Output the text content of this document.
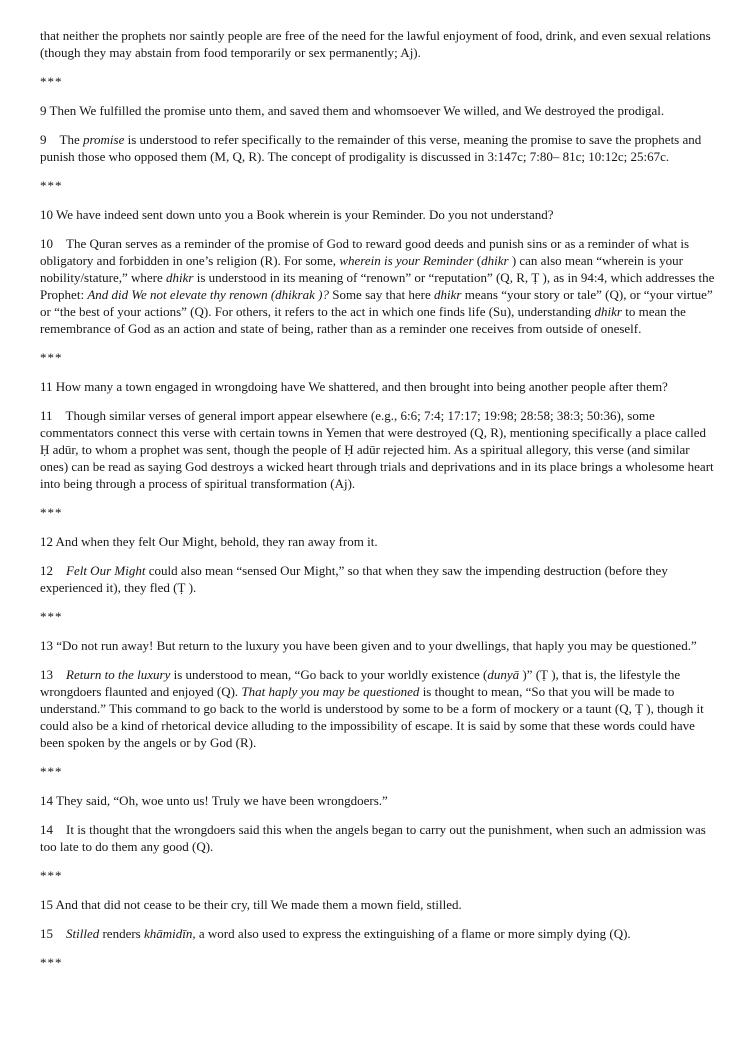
that neither the prophets nor saintly people are free of the need for the lawful enjoyment of food, drink, and even sexual relations (though they may abstain from food temporarily or sex permanently; Aj).

***

9 Then We fulfilled the promise unto them, and saved them and whomsoever We willed, and We destroyed the prodigal.

9 The promise is understood to refer specifically to the remainder of this verse, meaning the promise to save the prophets and punish those who opposed them (M, Q, R). The concept of prodigality is discussed in 3:147c; 7:80– 81c; 10:12c; 25:67c.

***

10 We have indeed sent down unto you a Book wherein is your Reminder. Do you not understand?

10 The Quran serves as a reminder of the promise of God to reward good deeds and punish sins or as a reminder of what is obligatory and forbidden in one’s religion (R). For some, wherein is your Reminder (dhikr ) can also mean “wherein is your nobility/stature,” where dhikr is understood in its meaning of “renown” or “reputation” (Q, R, Ṭ ), as in 94:4, which addresses the Prophet: And did We not elevate thy renown (dhikrak )? Some say that here dhikr means “your story or tale” (Q), or “your virtue” or “the best of your actions” (Q). For others, it refers to the act in which one finds life (Su), understanding dhikr to mean the remembrance of God as an action and state of being, rather than as a reminder one receives from outside of oneself.

***

11 How many a town engaged in wrongdoing have We shattered, and then brought into being another people after them?

11 Though similar verses of general import appear elsewhere (e.g., 6:6; 7:4; 17:17; 19:98; 28:58; 38:3; 50:36), some commentators connect this verse with certain towns in Yemen that were destroyed (Q, R), mentioning specifically a place called Ḥ adūr, to whom a prophet was sent, though the people of Ḥ adūr rejected him. As a spiritual allegory, this verse (and similar ones) can be read as saying God destroys a wicked heart through trials and deprivations and in its place brings a wholesome heart into being through a process of spiritual transformation (Aj).

***

12 And when they felt Our Might, behold, they ran away from it.

12 Felt Our Might could also mean “sensed Our Might,” so that when they saw the impending destruction (before they experienced it), they fled (Ṭ ).

***

13 “Do not run away! But return to the luxury you have been given and to your dwellings, that haply you may be questioned.”

13 Return to the luxury is understood to mean, “Go back to your worldly existence (dunyā )” (Ṭ ), that is, the lifestyle the wrongdoers flaunted and enjoyed (Q). That haply you may be questioned is thought to mean, “So that you will be made to understand.” This command to go back to the world is understood by some to be a form of mockery or a taunt (Q, Ṭ ), though it could also be a kind of rhetorical device alluding to the impossibility of escape. It is said by some that these words could have been spoken by the angels or by God (R).

***

14 They said, “Oh, woe unto us! Truly we have been wrongdoers.”

14 It is thought that the wrongdoers said this when the angels began to carry out the punishment, when such an admission was too late to do them any good (Q).

***

15 And that did not cease to be their cry, till We made them a mown field, stilled.

15 Stilled renders khāmidīn, a word also used to express the extinguishing of a flame or more simply dying (Q).

***
